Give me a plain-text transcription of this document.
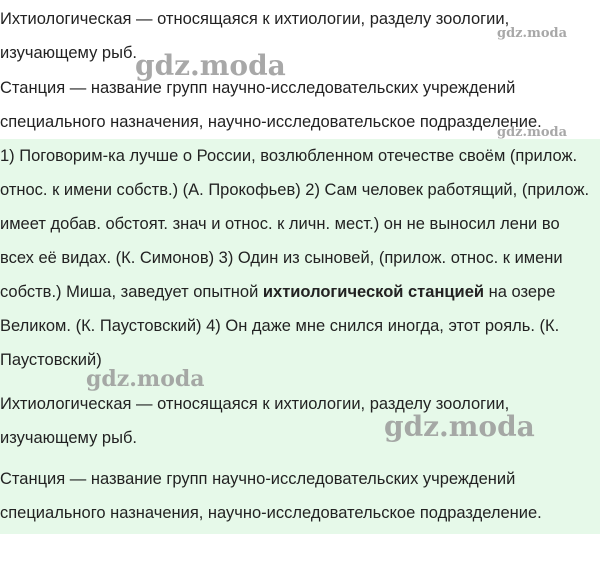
Ихтиологическая — относящаяся к ихтиологии, разделу зоологии, изучающему рыб.

Станция — название групп научно-исследовательских учреждений специального назначения, научно-исследовательское подразделение.

1) Поговорим-ка лучше о России, возлюбленном отечестве своём (прилож. относ. к имени собств.) (А. Прокофьев) 2) Сам человек работящий, (прилож. имеет добав. обстоят. знач и относ. к личн. мест.) он не выносил лени во всех её видах. (К. Симонов) 3) Один из сыновей, (прилож. относ. к имени собств.) Миша, заведует опытной ихтиологической станцией на озере Великом. (К. Паустовский) 4) Он даже мне снился иногда, этот рояль. (К. Паустовский)

Ихтиологическая — относящаяся к ихтиологии, разделу зоологии, изучающему рыб.

Станция — название групп научно-исследовательских учреждений специального назначения, научно-исследовательское подразделение.

gdz.moda
gdz.moda
gdz.moda
gdz.moda
gdz.moda
